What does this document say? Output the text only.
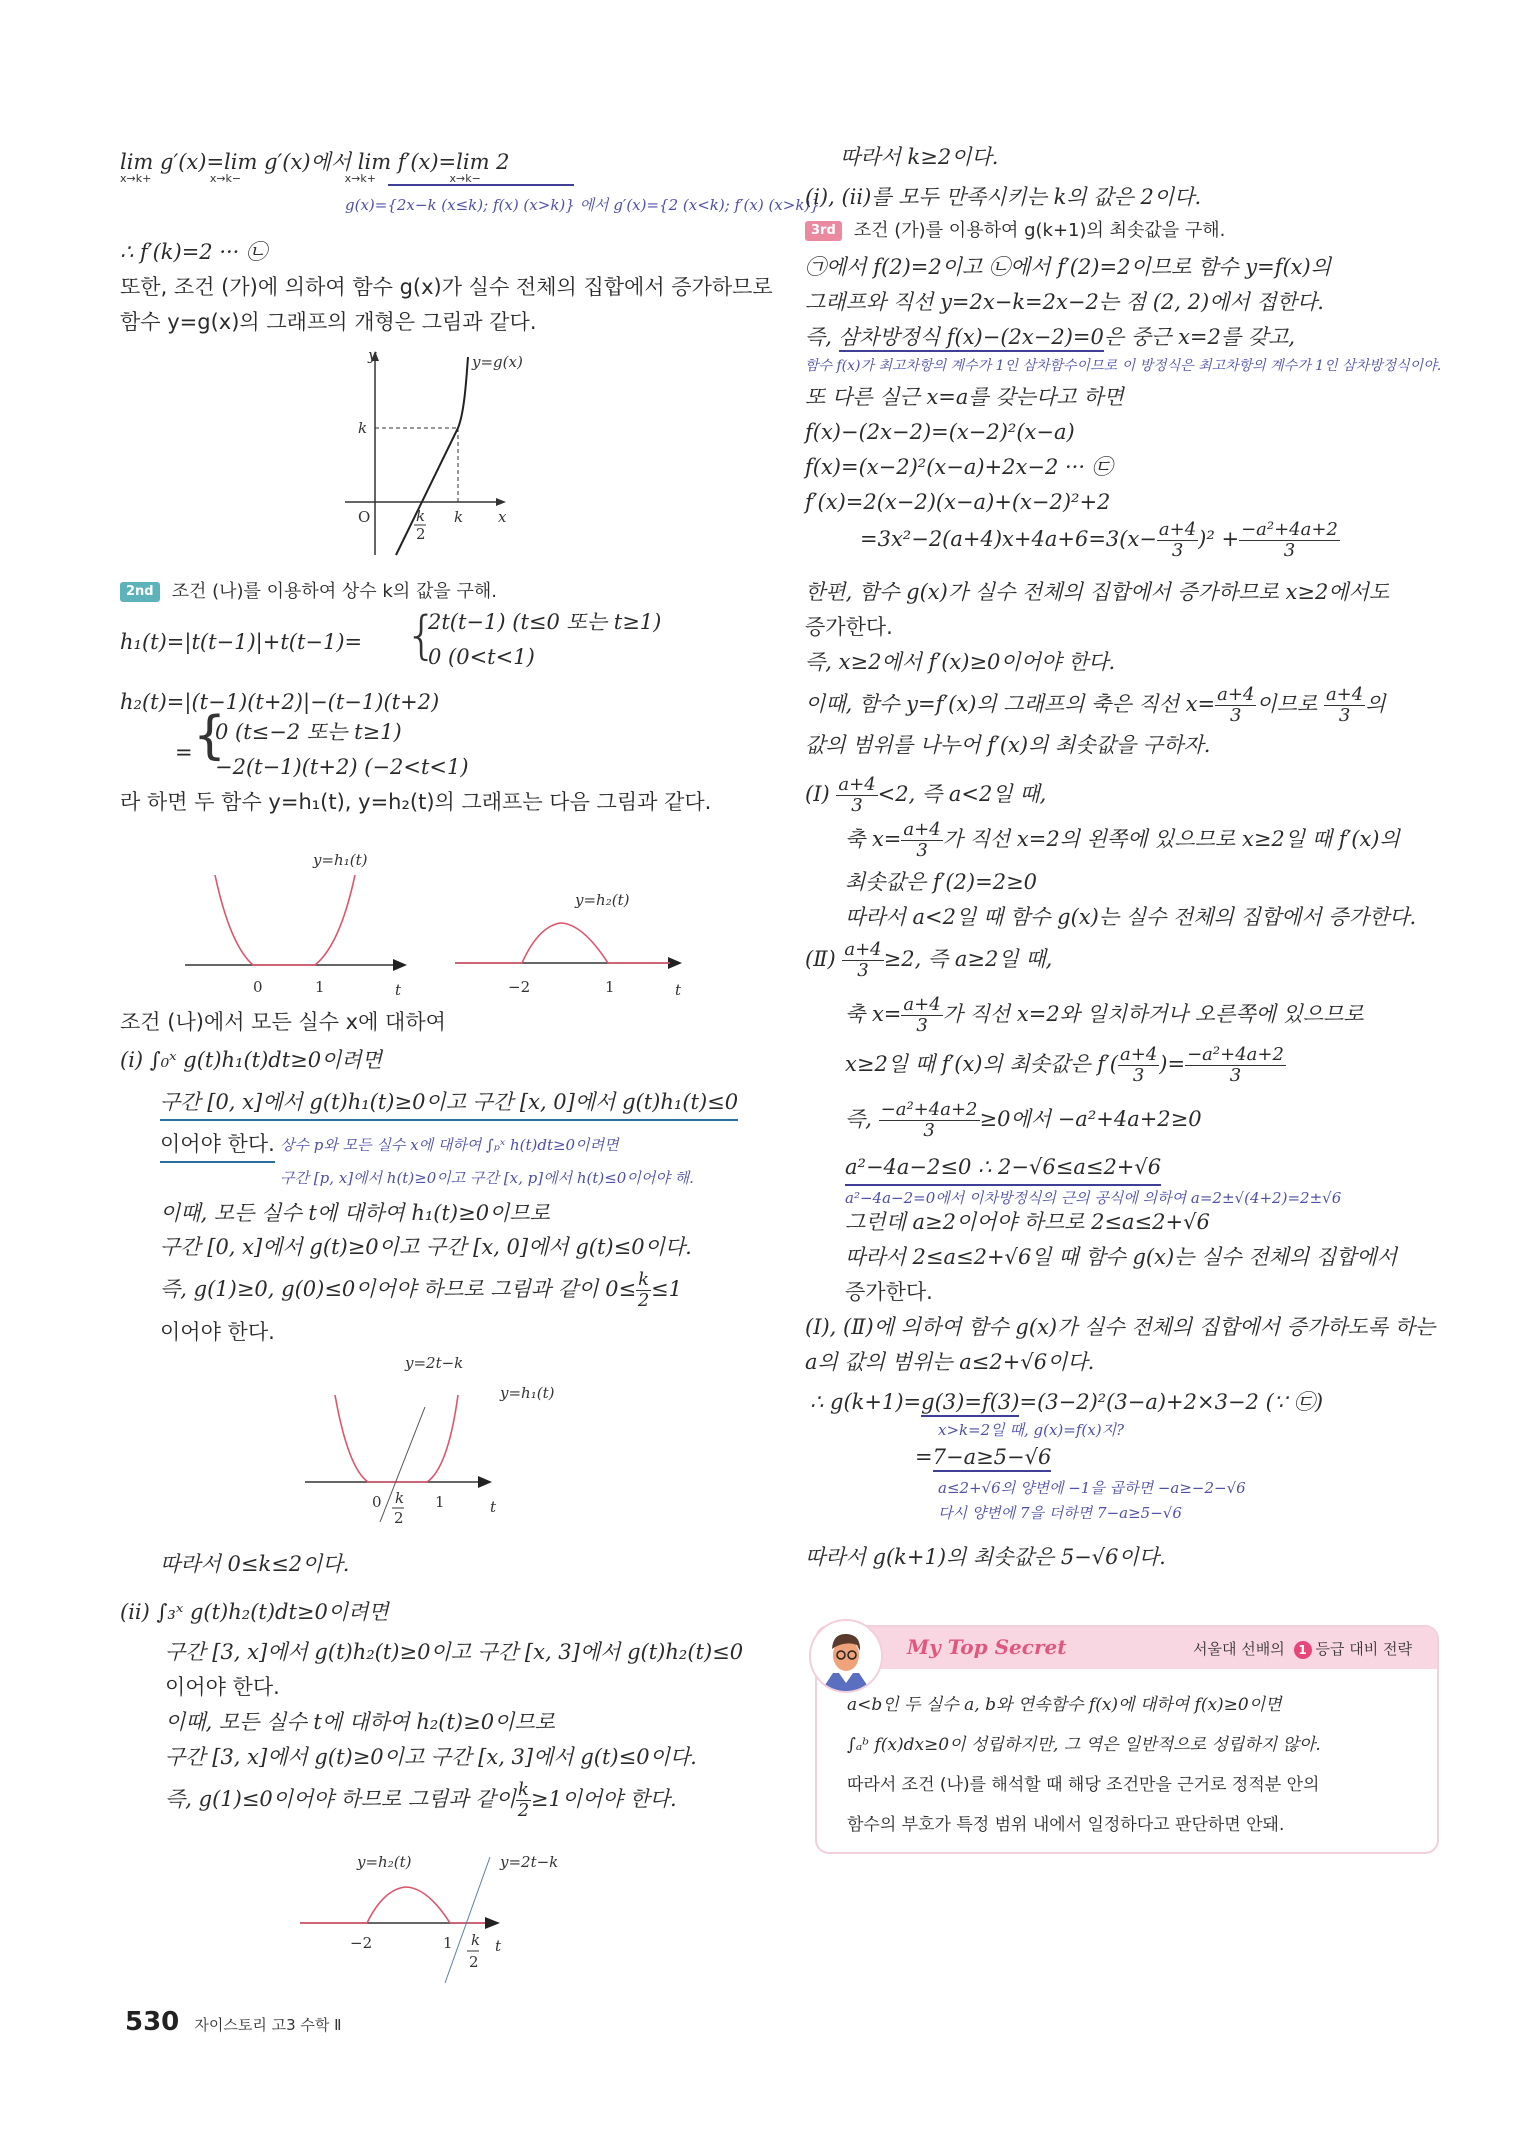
lim g′(x)=lim g′(x)에서 lim f′(x)=lim 2
x→k+	x→k−	x→k+	x→k−
g(x)={2x−k (x≤k); f(x) (x>k)} 에서 g′(x)={2 (x<k); f′(x) (x>k)}
∴ f′(k)=2 ··· ㉡
또한, 조건 (가)에 의하여 함수 g(x)가 실수 전체의 집합에서 증가하므로
함수 y=g(x)의 그래프의 개형은 그림과 같다.
y	y=g(x)
k
O	k
2
k x
2nd 조건 (나)를 이용하여 상수 k의 값을 구해.
h₁(t)=|t(t−1)|+t(t−1)= {
2t(t−1) (t≤0 또는 t≥1)
0 (0<t<1)
h₂(t)=|(t−1)(t+2)|−(t−1)(t+2)
= {
0 (t≤−2 또는 t≥1)
−2(t−1)(t+2) (−2<t<1)
라 하면 두 함수 y=h₁(t), y=h₂(t)의 그래프는 다음 그림과 같다.
y=h₁(t)
0	1	t
y=h₂(t)
−2	1	t
조건 (나)에서 모든 실수 x에 대하여
(i) ∫₀ˣ g(t)h₁(t)dt≥0이려면
구간 [0, x]에서 g(t)h₁(t)≥0이고 구간 [x, 0]에서 g(t)h₁(t)≤0
이어야 한다. 상수 p와 모든 실수 x에 대하여 ∫ₚˣ h(t)dt≥0이려면
구간 [p, x]에서 h(t)≥0이고 구간 [x, p]에서 h(t)≤0이어야 해.
이때, 모든 실수 t에 대하여 h₁(t)≥0이므로
구간 [0, x]에서 g(t)≥0이고 구간 [x, 0]에서 g(t)≤0이다.
즉, g(1)≥0, g(0)≤0이어야 하므로 그림과 같이 $0\le \frac{k}{2} \le 1$
이어야 한다.
y=2t−k
y=h₁(t)
0 k
2
1	t
따라서 0≤k≤2이다.
(ii) ∫₃ˣ g(t)h₂(t)dt≥0이려면
구간 [3, x]에서 g(t)h₂(t)≥0이고 구간 [x, 3]에서 g(t)h₂(t)≤0
이어야 한다.
이때, 모든 실수 t에 대하여 h₂(t)≥0이므로
구간 [3, x]에서 g(t)≥0이고 구간 [x, 3]에서 g(t)≤0이다.
즉, g(1)≤0이어야 하므로 그림과 같이 $\frac{k}{2} \ge 1$이어야 한다.
y=h₂(t)	y=2t−k
−2	1 k
2
t
따라서 k≥2이다.
(i), (ii)를 모두 만족시키는 k의 값은 2이다.
3rd 조건 (가)를 이용하여 g(k+1)의 최솟값을 구해.
㉠에서 f(2)=2이고 ㉡에서 f′(2)=2이므로 함수 y=f(x)의
그래프와 직선 y=2x−k=2x−2는 점 (2, 2)에서 접한다.
즉, 삼차방정식 f(x)−(2x−2)=0은 중근 x=2를 갖고,
함수 f(x)가 최고차항의 계수가 1인 삼차함수이므로 이 방정식은 최고차항의 계수가 1인 삼차방정식이야.
또 다른 실근 x=a를 갖는다고 하면
f(x)−(2x−2)=(x−2)²(x−a)
f(x)=(x−2)²(x−a)+2x−2 ··· ㉢
f′(x)=2(x−2)(x−a)+(x−2)²+2
$=3x^2-2(a+4)x+4a+6=3(x- \frac{a+4}{3} )^2 + \frac{\text{−a²+4a+2}}{3}$
한편, 함수 g(x)가 실수 전체의 집합에서 증가하므로 x≥2에서도
증가한다.
즉, x≥2에서 f′(x)≥0이어야 한다.
이때, 함수 y=f′(x)의 그래프의 축은 직선 $x= \frac{a+4}{3}$ 이므로 $\frac{a+4}{3}$ 의
값의 범위를 나누어 f′(x)의 최솟값을 구하자.
(Ⅰ) $\frac{a+4}{3} <2$, 즉 a<2일 때,
축 $x= \frac{a+4}{3}$ 가 직선 x=2의 왼쪽에 있으므로 x≥2일 때 f′(x)의
최솟값은 f′(2)=2≥0
따라서 a<2일 때 함수 g(x)는 실수 전체의 집합에서 증가한다.
(Ⅱ) $\frac{a+4}{3} \ge 2$, 즉 a≥2일 때,
축 $x= \frac{a+4}{3}$ 가 직선 x=2와 일치하거나 오른쪽에 있으므로
x≥2일 때 f′(x)의 최솟값은 $f'( \frac{a+4}{3}$ )= $\frac{\text{−a²+4a+2}}{3}$
즉, $\frac{\text{−a²+4a+2}}{3} \ge 0$에서 −a²+4a+2≥0
a²−4a−2≤0 ∴ 2−√6≤a≤2+√6
a²−4a−2=0에서 이차방정식의 근의 공식에 의하여 a=2±√(4+2)=2±√6
그런데 a≥2이어야 하므로 2≤a≤2+√6
따라서 2≤a≤2+√6일 때 함수 g(x)는 실수 전체의 집합에서
증가한다.
(Ⅰ), (Ⅱ)에 의하여 함수 g(x)가 실수 전체의 집합에서 증가하도록 하는
a의 값의 범위는 a≤2+√6이다.
∴ g(k+1)=g(3)=f(3)=(3−2)²(3−a)+2×3−2 (∵ ㉢)
x>k=2일 때, g(x)=f(x)지?
=7−a≥5−√6
a≤2+√6의 양변에 −1을 곱하면 −a≥−2−√6
다시 양변에 7을 더하면 7−a≥5−√6
따라서 g(k+1)의 최솟값은 5−√6이다.
My Top Secret	서울대 선배의 1 등급 대비 전략
a<b인 두 실수 a, b와 연속함수 f(x)에 대하여 f(x)≥0이면
∫ₐᵇ f(x)dx≥0이 성립하지만, 그 역은 일반적으로 성립하지 않아.
따라서 조건 (나)를 해석할 때 해당 조건만을 근거로 정적분 안의
함수의 부호가 특정 범위 내에서 일정하다고 판단하면 안돼.
530 자이스토리 고3 수학 Ⅱ
